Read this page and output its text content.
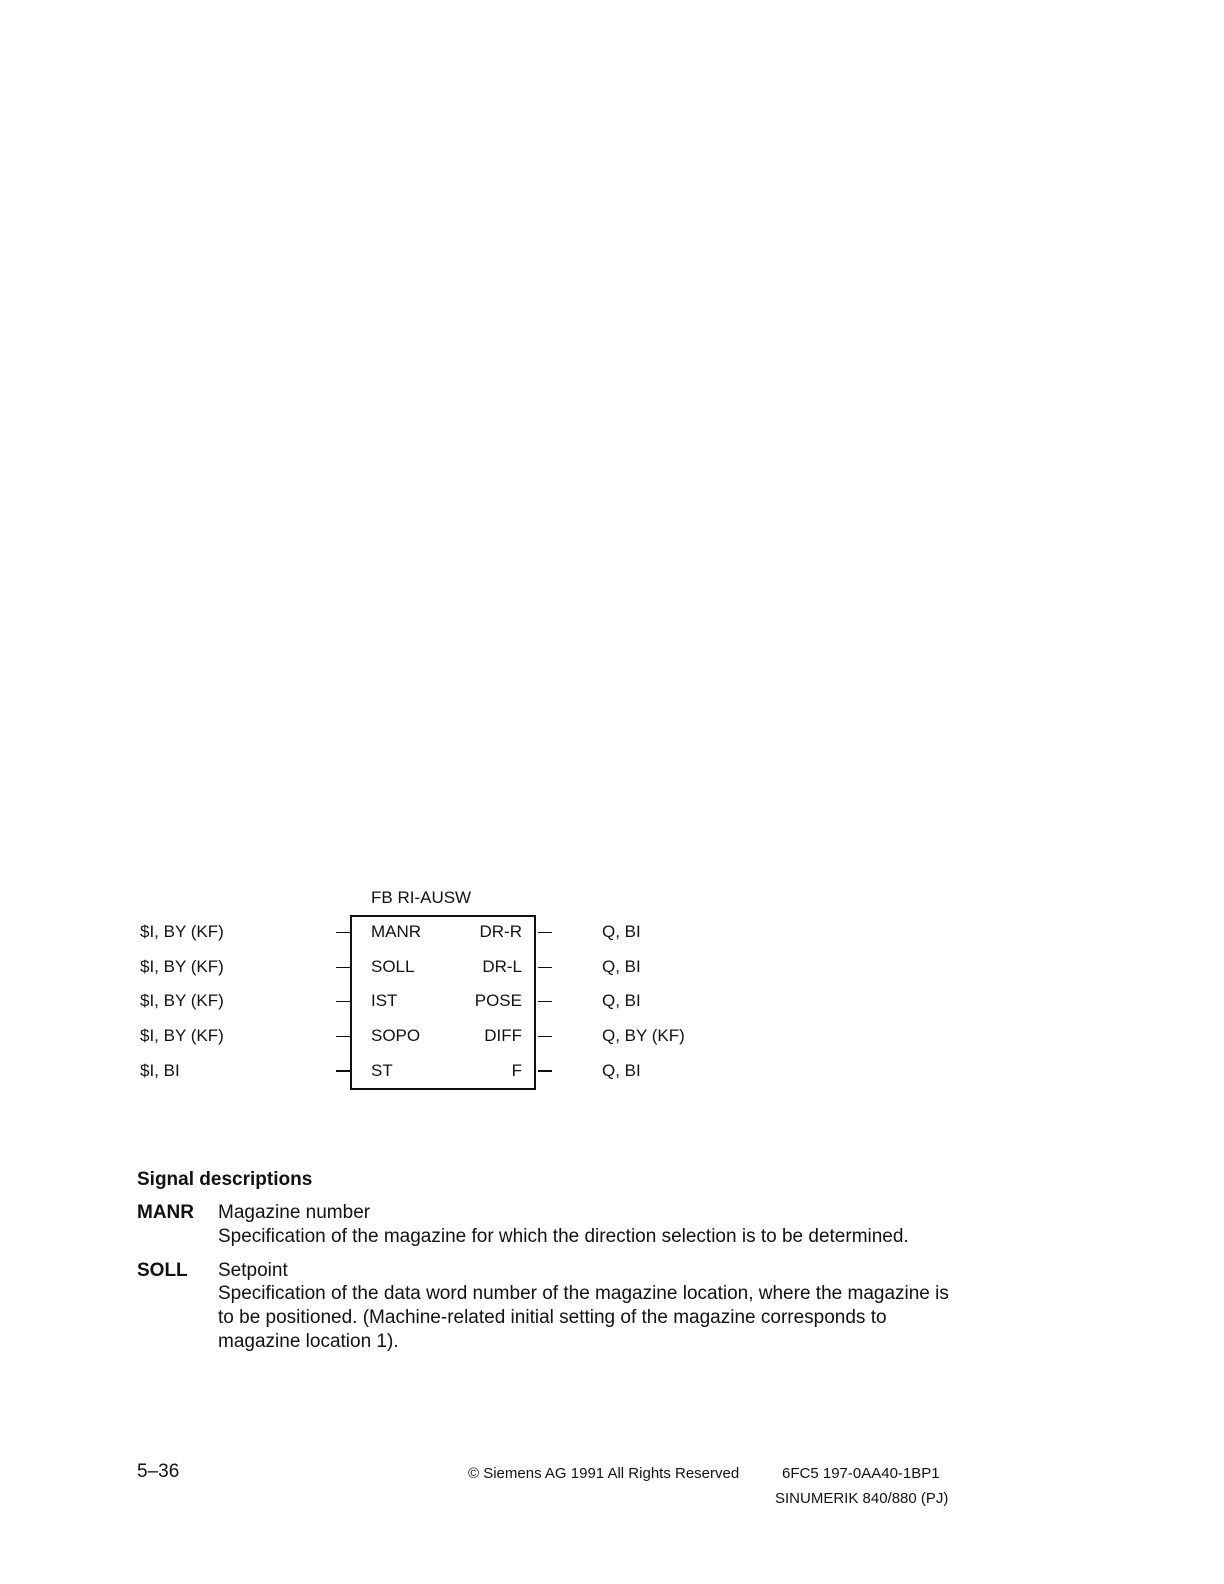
FB RI-AUSW
$I, BY (KF)	MANR	DR-R	Q, BI
$I, BY (KF)	SOLL	DR-L	Q, BI
$I, BY (KF)	IST	POSE	Q, BI
$I, BY (KF)	SOPO	DIFF	Q, BY (KF)
$I, BI	ST	F	Q, BI
Signal descriptions
MANR Magazine number
Specification of the magazine for which the direction selection is to be determined.
SOLL Setpoint
Specification of the data word number of the magazine location, where the magazine is to be positioned. (Machine-related initial setting of the magazine corresponds to magazine location 1).
5–36	© Siemens AG 1991 All Rights Reserved	6FC5 197-0AA40-1BP1
SINUMERIK 840/880 (PJ)
